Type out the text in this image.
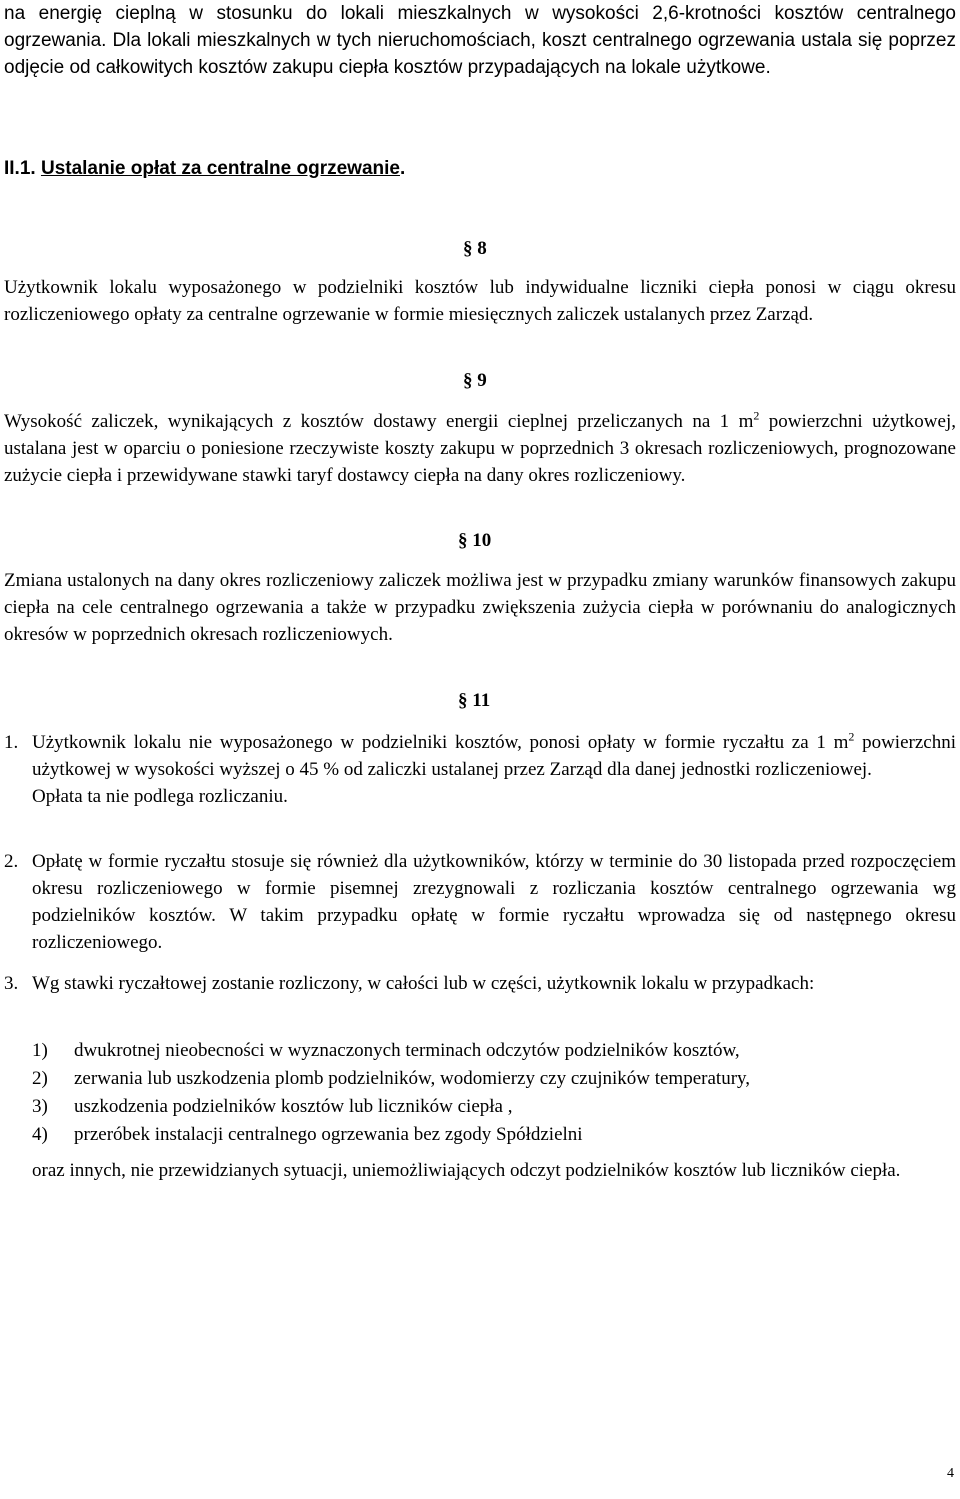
na energię cieplną w stosunku do lokali mieszkalnych w wysokości 2,6-krotności kosztów centralnego ogrzewania. Dla lokali mieszkalnych w tych nieruchomościach, koszt centralnego ogrzewania ustala się poprzez odjęcie od całkowitych kosztów zakupu ciepła kosztów przypadających na lokale użytkowe.

II.1. Ustalanie opłat za centralne ogrzewanie.
§ 8

Użytkownik lokalu wyposażonego w podzielniki kosztów lub indywidualne liczniki ciepła ponosi w ciągu okresu rozliczeniowego opłaty za centralne ogrzewanie w formie miesięcznych zaliczek ustalanych przez Zarząd.

§ 9

Wysokość zaliczek, wynikających z kosztów dostawy energii cieplnej przeliczanych na 1 $m^2$ powierzchni użytkowej, ustalana jest w oparciu o poniesione rzeczywiste koszty zakupu w poprzednich 3 okresach rozliczeniowych, prognozowane zużycie ciepła i przewidywane stawki taryf dostawcy ciepła na dany okres rozliczeniowy.

§ 10

Zmiana ustalonych na dany okres rozliczeniowy zaliczek możliwa jest w przypadku zmiany warunków finansowych zakupu ciepła na cele centralnego ogrzewania a także w przypadku zwiększenia zużycia ciepła w porównaniu do analogicznych okresów w poprzednich okresach rozliczeniowych.

§ 11
1. Użytkownik lokalu nie wyposażonego w podzielniki kosztów, ponosi opłaty w formie ryczałtu za 1 $m^2$ powierzchni użytkowej w wysokości wyższej o 45 % od zaliczki ustalanej przez Zarząd dla danej jednostki rozliczeniowej.
Opłata ta nie podlega rozliczaniu.
2. Opłatę w formie ryczałtu stosuje się również dla użytkowników, którzy w terminie do 30 listopada przed rozpoczęciem okresu rozliczeniowego w formie pisemnej zrezygnowali z rozliczania kosztów centralnego ogrzewania wg podzielników kosztów. W takim przypadku opłatę w formie ryczałtu wprowadza się od następnego okresu rozliczeniowego.
3. Wg stawki ryczałtowej zostanie rozliczony, w całości lub w części, użytkownik lokalu w przypadkach:
1) dwukrotnej nieobecności w wyznaczonych terminach odczytów podzielników kosztów,
2) zerwania lub uszkodzenia plomb podzielników, wodomierzy czy czujników temperatury,
3) uszkodzenia podzielników kosztów lub liczników ciepła ,
4) przeróbek instalacji centralnego ogrzewania bez zgody Spółdzielni

oraz innych, nie przewidzianych sytuacji, uniemożliwiających odczyt podzielników kosztów lub liczników ciepła.

4
